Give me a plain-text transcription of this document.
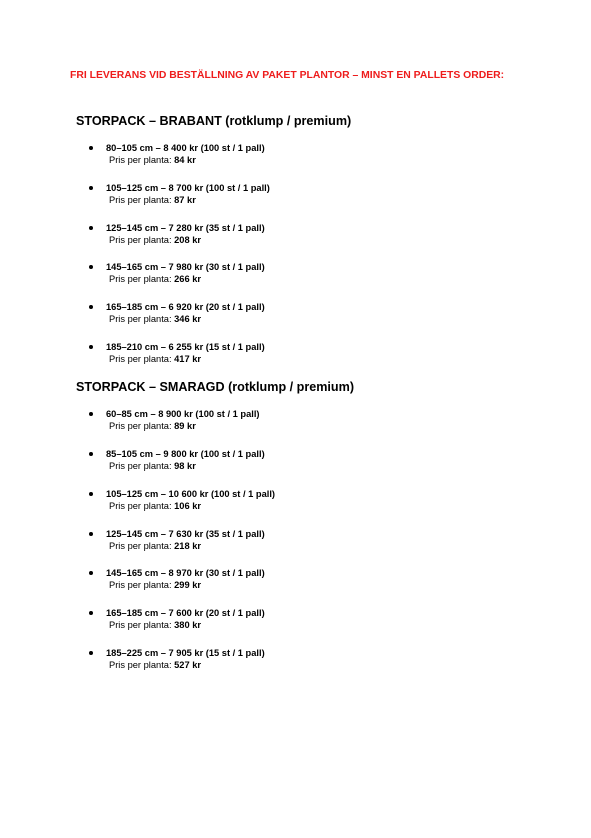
FRI LEVERANS VID BESTÄLLNING AV PAKET PLANTOR – MINST EN PALLETS ORDER:
STORPACK – BRABANT (rotklump / premium)
80–105 cm – 8 400 kr (100 st / 1 pall)
Pris per planta: 84 kr
105–125 cm – 8 700 kr (100 st / 1 pall)
Pris per planta: 87 kr
125–145 cm – 7 280 kr (35 st / 1 pall)
Pris per planta: 208 kr
145–165 cm – 7 980 kr (30 st / 1 pall)
Pris per planta: 266 kr
165–185 cm – 6 920 kr (20 st / 1 pall)
Pris per planta: 346 kr
185–210 cm – 6 255 kr (15 st / 1 pall)
Pris per planta: 417 kr
STORPACK – SMARAGD (rotklump / premium)
60–85 cm – 8 900 kr (100 st / 1 pall)
Pris per planta: 89 kr
85–105 cm – 9 800 kr (100 st / 1 pall)
Pris per planta: 98 kr
105–125 cm – 10 600 kr (100 st / 1 pall)
Pris per planta: 106 kr
125–145 cm – 7 630 kr (35 st / 1 pall)
Pris per planta: 218 kr
145–165 cm – 8 970 kr (30 st / 1 pall)
Pris per planta: 299 kr
165–185 cm – 7 600 kr (20 st / 1 pall)
Pris per planta: 380 kr
185–225 cm – 7 905 kr (15 st / 1 pall)
Pris per planta: 527 kr
